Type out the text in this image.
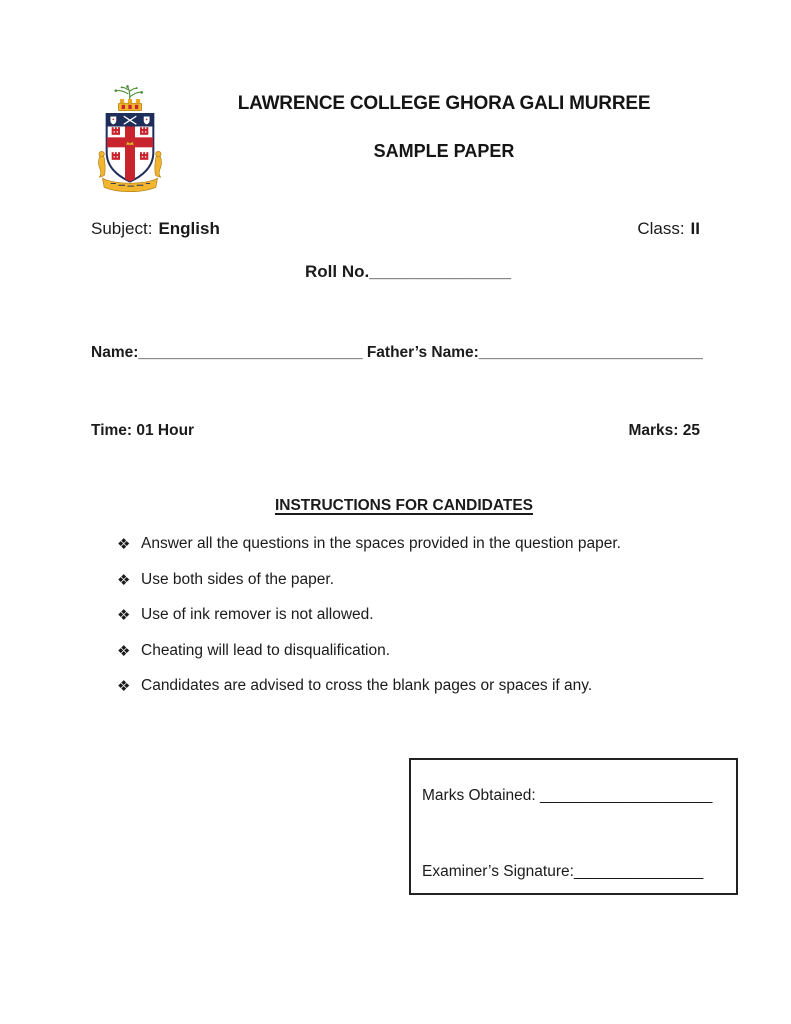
LAWRENCE COLLEGE GHORA GALI MURREE
SAMPLE PAPER
Subject: English	Class: II
Roll No._______________
Name:__________________________ Father’s Name:__________________________
Time: 01 Hour	Marks: 25
INSTRUCTIONS FOR CANDIDATES
❖ Answer all the questions in the spaces provided in the question paper.
❖ Use both sides of the paper.
❖ Use of ink remover is not allowed.
❖ Cheating will lead to disqualification.
❖ Candidates are advised to cross the blank pages or spaces if any.
Marks Obtained: ____________________
Examiner’s Signature:_______________
